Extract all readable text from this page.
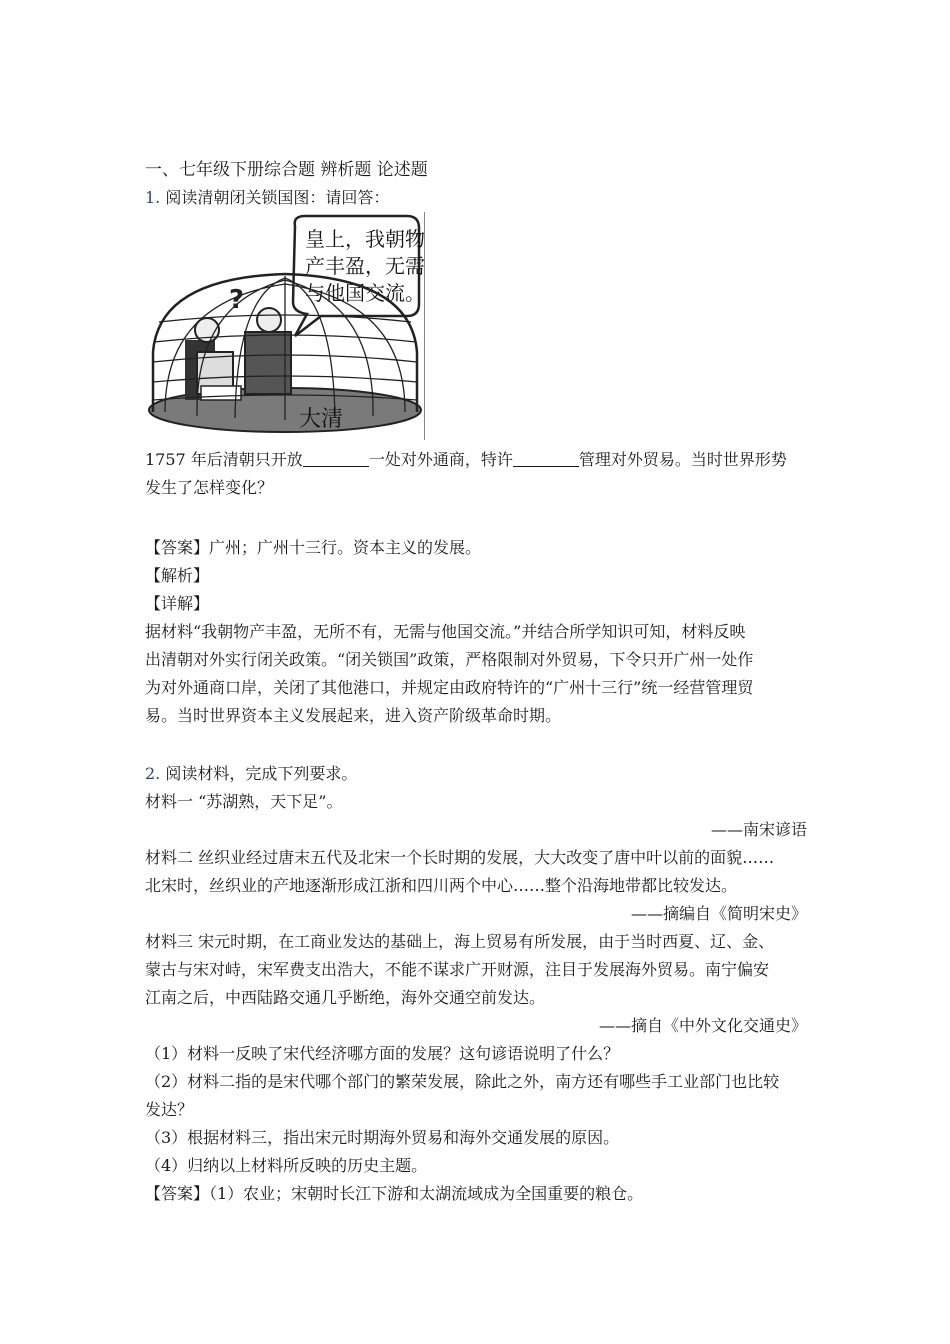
一、七年级下册综合题 辨析题 论述题
1. 阅读清朝闭关锁国图：请回答：
皇上，我朝物
产丰盈，无需
与他国交流。
?
大清
1757 年后清朝只开放	一处对外通商，特许	管理对外贸易。当时世界形势
发生了怎样变化？
【答案】广州；广州十三行。资本主义的发展。
【解析】
【详解】
据材料“我朝物产丰盈，无所不有，无需与他国交流。”并结合所学知识可知，材料反映
出清朝对外实行闭关政策。“闭关锁国”政策，严格限制对外贸易，下令只开广州一处作
为对外通商口岸，关闭了其他港口，并规定由政府特许的“广州十三行”统一经营管理贸
易。当时世界资本主义发展起来，进入资产阶级革命时期。
2. 阅读材料，完成下列要求。
材料一 “苏湖熟，天下足”。
——南宋谚语
材料二 丝织业经过唐末五代及北宋一个长时期的发展，大大改变了唐中叶以前的面貌……
北宋时，丝织业的产地逐渐形成江浙和四川两个中心……整个沿海地带都比较发达。
——摘编自《简明宋史》
材料三 宋元时期，在工商业发达的基础上，海上贸易有所发展，由于当时西夏、辽、金、
蒙古与宋对峙，宋军费支出浩大，不能不谋求广开财源，注目于发展海外贸易。南宁偏安
江南之后，中西陆路交通几乎断绝，海外交通空前发达。
——摘自《中外文化交通史》
（1）材料一反映了宋代经济哪方面的发展？这句谚语说明了什么？
（2）材料二指的是宋代哪个部门的繁荣发展，除此之外，南方还有哪些手工业部门也比较
发达？
（3）根据材料三，指出宋元时期海外贸易和海外交通发展的原因。
（4）归纳以上材料所反映的历史主题。
【答案】（1）农业；宋朝时长江下游和太湖流域成为全国重要的粮仓。
